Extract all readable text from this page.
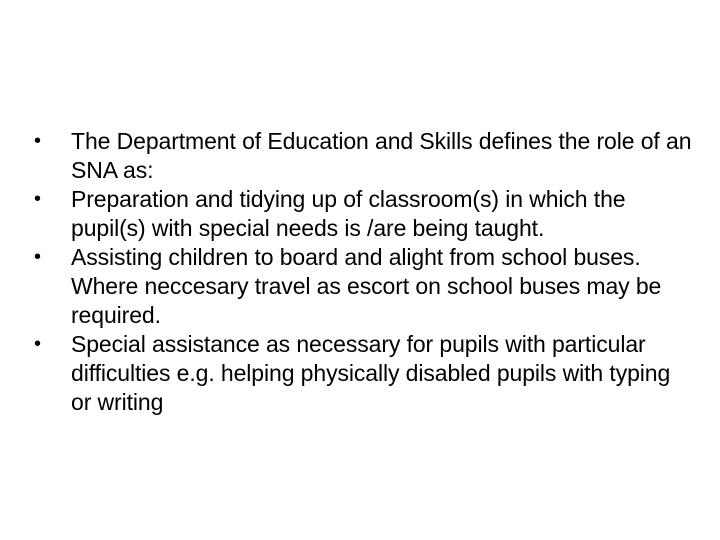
•	The Department of Education and Skills defines the role of an SNA as:
•	Preparation and tidying up of classroom(s) in which the pupil(s) with special needs is /are being taught.
•	Assisting children to board and alight from school buses. Where neccesary travel as escort on school buses may be required.
•	Special assistance as necessary for pupils with particular difficulties e.g. helping physically disabled pupils with typing or writing
